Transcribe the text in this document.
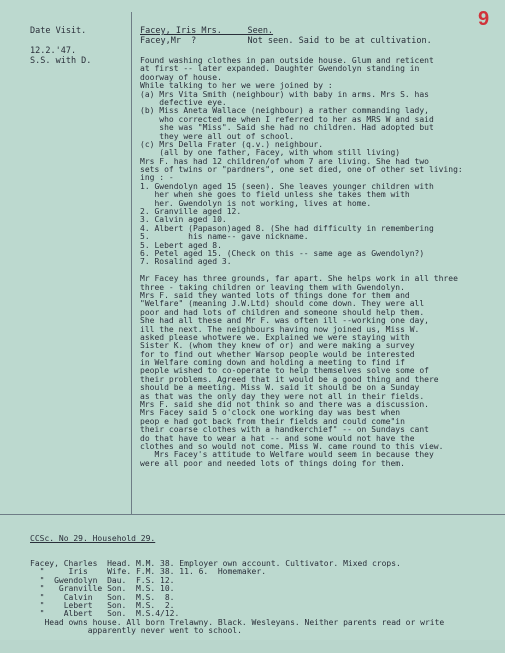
9
Date Visit.
12.2.'47.
S.S. with D.
Facey, Iris Mrs.     Seen.
Facey,Mr  ?          Not seen. Said to be at cultivation.
Found washing clothes in pan outside house. Glum and reticent
at first -- later expanded. Daughter Gwendolyn standing in
doorway of house.
While talking to her we were joined by :
(a) Mrs Vita Smith (neighbour) with baby in arms. Mrs S. has
defective eye.
(b) Miss Aneta Wallace (neighbour) a rather commanding lady,
who corrected me when I referred to her as MRS W and said
she was "Miss". Said she had no children. Had adopted but
they were all out of school.
(c) Mrs Della Frater (q.v.) neighbour.
(all by one father, Facey, with whom still living)
Mrs F. has had 12 children/of whom 7 are living. She had two
sets of twins or "pardners", one set died, one of other set living:
ing : -
1. Gwendolyn aged 15 (seen). She leaves younger children with
her when she goes to field unless she takes them with
her. Gwendolyn is not working, lives at home.
2. Granville aged 12.
3. Calvin aged 10.
4. Albert (Papason)aged 8. (She had difficulty in remembering
5.        his name-- gave nickname.
5. Lebert aged 8.
6. Petel aged 15. (Check on this -- same age as Gwendolyn?)
7. Rosalind aged 3.
Mr Facey has three grounds, far apart. She helps work in all three
three - taking children or leaving them with Gwendolyn.
Mrs F. said they wanted lots of things done for them and
"Welfare" (meaning J.W.Ltd) should come down. They were all
poor and had lots of children and someone should help them.
She had all these and Mr F. was often ill --working one day,
ill the next. The neighbours having now joined us, Miss W.
asked please whotwere we. Explained we were staying with
Sister K. (whom they knew of or) and were making a survey
for to find out whether Warsop people would be interested
in Welfare coming down and holding a meeting to find if
people wished to co-operate to help themselves solve some of
their problems. Agreed that it would be a good thing and there
should be a meeting. Miss W. said it should be on a Sunday
as that was the only day they were not all in their fields.
Mrs F. said she did not think so and there was a discussion.
Mrs Facey said 5 o'clock one working day was best when
peop e had got back from their fields and could come"in
their coarse clothes with a handkerchief" -- on Sundays cant
do that have to wear a hat -- and some would not have the
clothes and so would not come. Miss W. came round to this view.
Mrs Facey's attitude to Welfare would seem in because they
were all poor and needed lots of things doing for them.

CCSc. No 29. Household 29.

Facey, Charles  Head. M.M. 38. Employer own account. Cultivator. Mixed crops.
"     Iris    Wife. F.M. 38. 11. 6.  Homemaker.
"  Gwendolyn  Dau.  F.S. 12.
"   Granville Son.  M.S. 10.
"    Calvin   Son.  M.S.  8.
"    Lebert   Son.  M.S.  2.
"    Albert   Son.  M.S.4/12.
Head owns house. All born Trelawny. Black. Wesleyans. Neither parents read or write
apparently never went to school.
